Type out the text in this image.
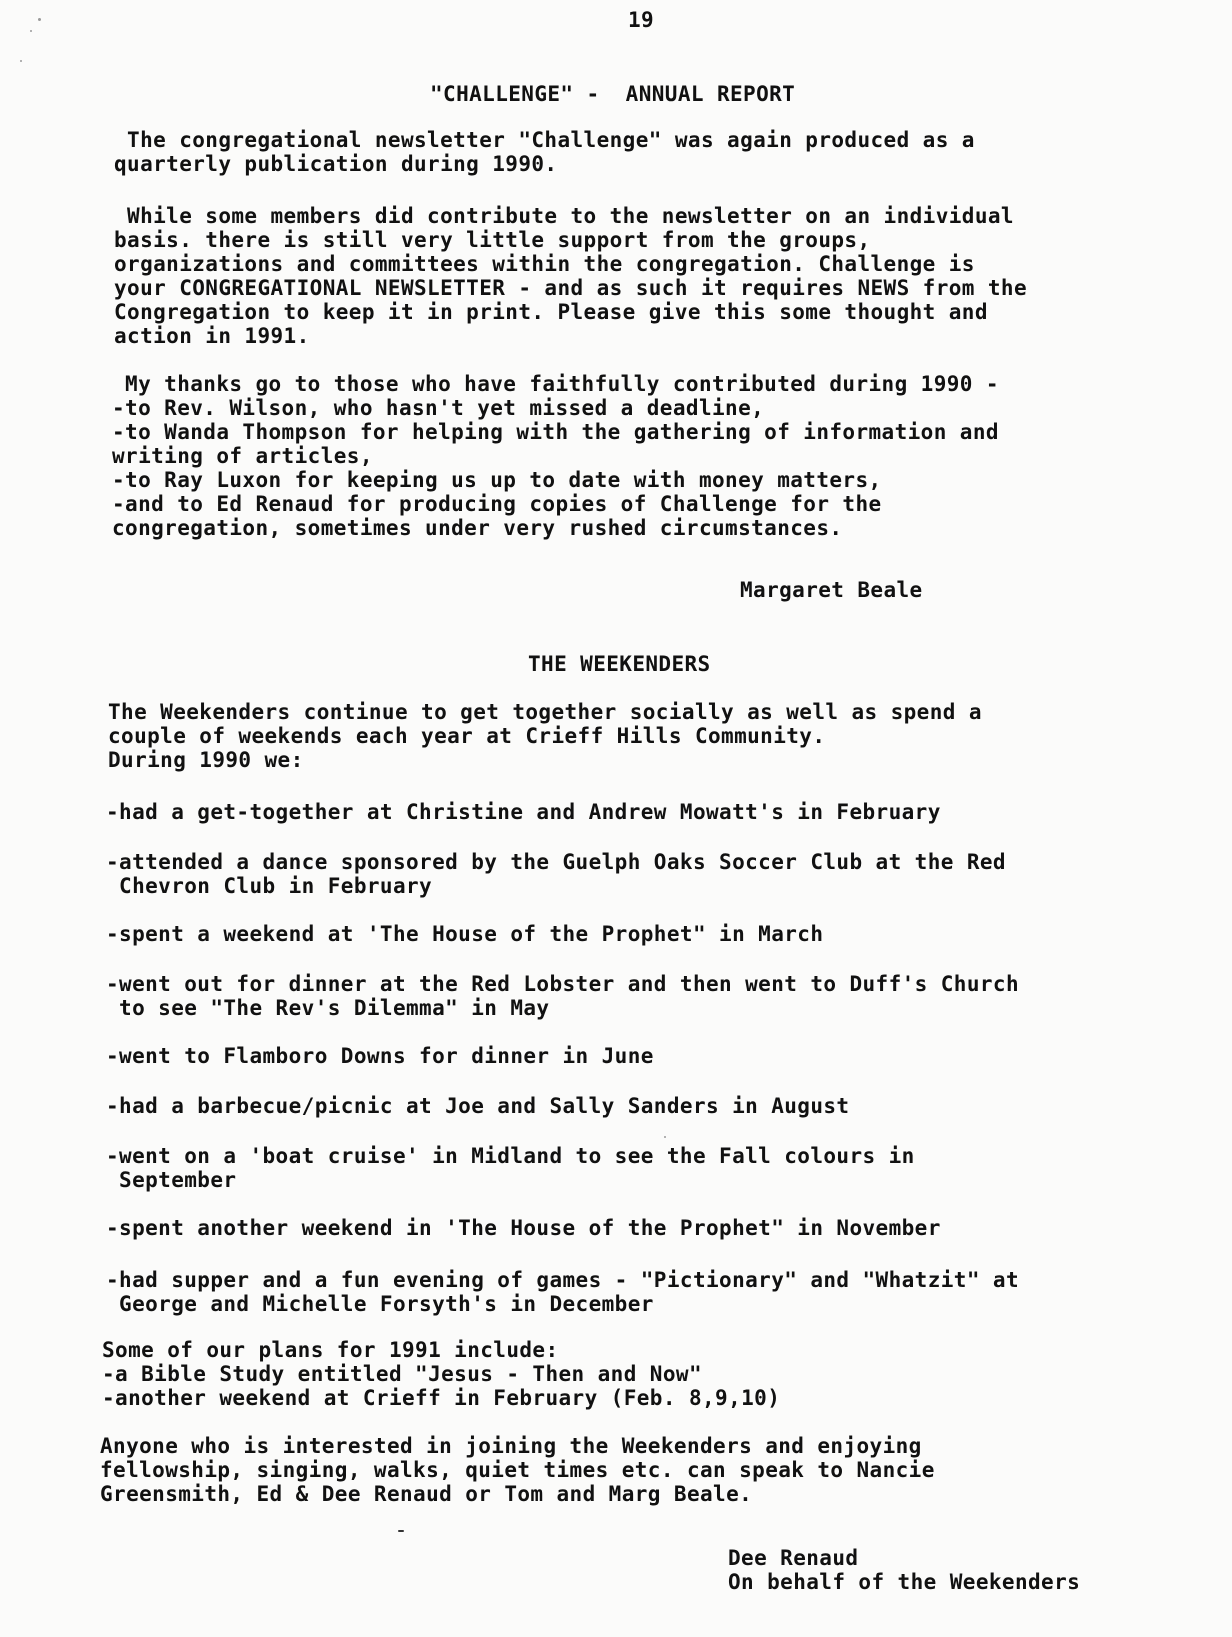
19
"CHALLENGE" -  ANNUAL REPORT
The congregational newsletter "Challenge" was again produced as a
quarterly publication during 1990.
While some members did contribute to the newsletter on an individual
basis. there is still very little support from the groups,
organizations and committees within the congregation. Challenge is
your CONGREGATIONAL NEWSLETTER - and as such it requires NEWS from the
Congregation to keep it in print. Please give this some thought and
action in 1991.
My thanks go to those who have faithfully contributed during 1990 -
-to Rev. Wilson, who hasn't yet missed a deadline,
-to Wanda Thompson for helping with the gathering of information and
writing of articles,
-to Ray Luxon for keeping us up to date with money matters,
-and to Ed Renaud for producing copies of Challenge for the
congregation, sometimes under very rushed circumstances.
Margaret Beale
THE WEEKENDERS
The Weekenders continue to get together socially as well as spend a
couple of weekends each year at Crieff Hills Community.
During 1990 we:
-had a get-together at Christine and Andrew Mowatt's in February
-attended a dance sponsored by the Guelph Oaks Soccer Club at the Red
Chevron Club in February
-spent a weekend at 'The House of the Prophet" in March
-went out for dinner at the Red Lobster and then went to Duff's Church
to see "The Rev's Dilemma" in May
-went to Flamboro Downs for dinner in June
-had a barbecue/picnic at Joe and Sally Sanders in August
-went on a 'boat cruise' in Midland to see the Fall colours in
September
-spent another weekend in 'The House of the Prophet" in November
-had supper and a fun evening of games - "Pictionary" and "Whatzit" at
George and Michelle Forsyth's in December
Some of our plans for 1991 include:
-a Bible Study entitled "Jesus - Then and Now"
-another weekend at Crieff in February (Feb. 8,9,10)
Anyone who is interested in joining the Weekenders and enjoying
fellowship, singing, walks, quiet times etc. can speak to Nancie
Greensmith, Ed & Dee Renaud or Tom and Marg Beale.
Dee Renaud
On behalf of the Weekenders
